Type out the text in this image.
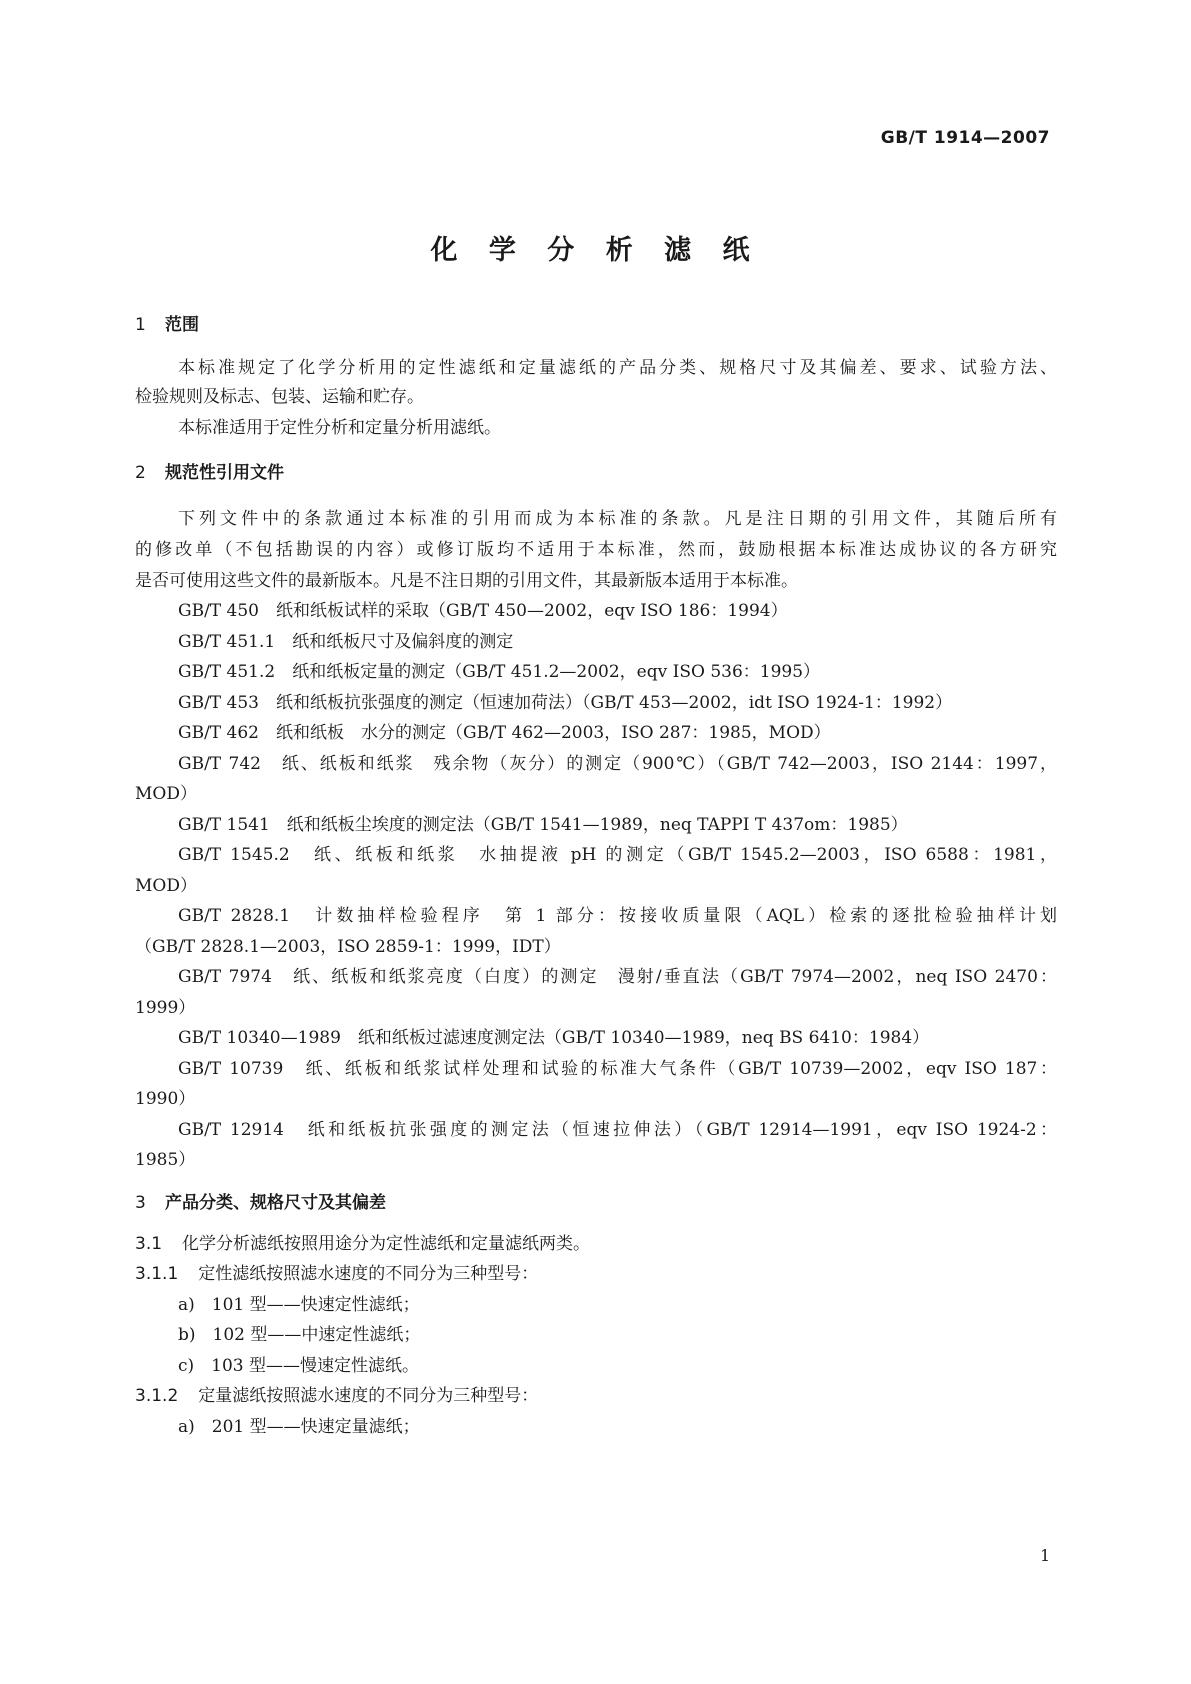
GB/T 1914—2007
化 学 分 析 滤 纸
1 范围
本标准规定了化学分析用的定性滤纸和定量滤纸的产品分类、规格尺寸及其偏差、要求、试验方法、
检验规则及标志、包装、运输和贮存。
本标准适用于定性分析和定量分析用滤纸。
2 规范性引用文件
下列文件中的条款通过本标准的引用而成为本标准的条款。凡是注日期的引用文件，其随后所有
的修改单（不包括勘误的内容）或修订版均不适用于本标准，然而，鼓励根据本标准达成协议的各方研究
是否可使用这些文件的最新版本。凡是不注日期的引用文件，其最新版本适用于本标准。
GB/T 450　纸和纸板试样的采取（GB/T 450—2002，eqv ISO 186：1994）
GB/T 451.1　纸和纸板尺寸及偏斜度的测定
GB/T 451.2　纸和纸板定量的测定（GB/T 451.2—2002，eqv ISO 536：1995）
GB/T 453　纸和纸板抗张强度的测定（恒速加荷法）（GB/T 453—2002，idt ISO 1924-1：1992）
GB/T 462　纸和纸板　水分的测定（GB/T 462—2003，ISO 287：1985，MOD）
GB/T 742　纸、纸板和纸浆　残余物（灰分）的测定（900℃）（GB/T 742—2003，ISO 2144：1997，
MOD）
GB/T 1541　纸和纸板尘埃度的测定法（GB/T 1541—1989，neq TAPPI T 437om：1985）
GB/T 1545.2　纸、纸板和纸浆　水抽提液 pH 的测定（GB/T 1545.2—2003，ISO 6588：1981，
MOD）
GB/T 2828.1　计数抽样检验程序　第 1 部分：按接收质量限（AQL）检索的逐批检验抽样计划
（GB/T 2828.1—2003，ISO 2859-1：1999，IDT）
GB/T 7974　纸、纸板和纸浆亮度（白度）的测定　漫射/垂直法（GB/T 7974—2002，neq ISO 2470：
1999）
GB/T 10340—1989　纸和纸板过滤速度测定法（GB/T 10340—1989，neq BS 6410：1984）
GB/T 10739　纸、纸板和纸浆试样处理和试验的标准大气条件（GB/T 10739—2002，eqv ISO 187：
1990）
GB/T 12914　纸和纸板抗张强度的测定法（恒速拉伸法）（GB/T 12914—1991，eqv ISO 1924-2：
1985）
3 产品分类、规格尺寸及其偏差
3.1 化学分析滤纸按照用途分为定性滤纸和定量滤纸两类。
3.1.1 定性滤纸按照滤水速度的不同分为三种型号：
a)　101 型——快速定性滤纸；
b)　102 型——中速定性滤纸；
c)　103 型——慢速定性滤纸。
3.1.2 定量滤纸按照滤水速度的不同分为三种型号：
a)　201 型——快速定量滤纸；
1
